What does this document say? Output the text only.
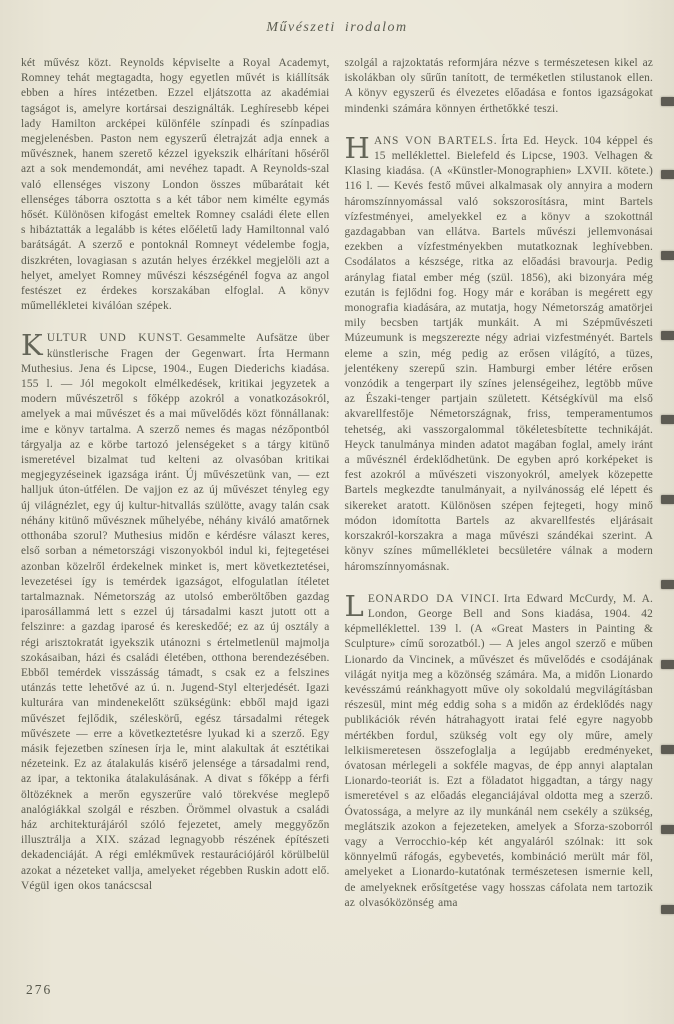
Művészeti irodalom

két művész közt. Reynolds képviselte a Royal Academyt, Romney tehát megtagadta, hogy egyetlen művét is kiállítsák ebben a híres intézetben. Ezzel eljátszotta az akadémiai tagságot is, amelyre kortársai deszignálták. Leghíresebb képei lady Hamilton arcképei különféle színpadi és színpadias megjelenésben. Paston nem egyszerű életrajzát adja ennek a művésznek, hanem szerető kézzel igyekszik elhárítani hőséről azt a sok mendemondát, ami nevéhez tapadt. A Reynolds-szal való ellenséges viszony London összes műbarátait két ellenséges táborra osztotta s a két tábor nem kimélte egymás hősét. Különösen kifogást emeltek Romney családi élete ellen s hibáztatták a legalább is kétes előéletű lady Hamiltonnal való barátságát. A szerző e pontoknál Romneyt védelembe fogja, diszkréten, lovagiasan s azután helyes érzékkel megjelöli azt a helyet, amelyet Romney művészi készségénél fogva az angol festészet ez érdekes korszakában elfoglal. A könyv műmellékletei kiválóan szépek.

KULTUR UND KUNST. Gesammelte Aufsätze über künstlerische Fragen der Gegenwart. Írta Hermann Muthesius. Jena és Lipcse, 1904., Eugen Diederichs kiadása. 155 l. — Jól megokolt elmélkedések, kritikai jegyzetek a modern művészetről s főképp azokról a vonatkozásokról, amelyek a mai művészet és a mai művelődés közt fönnállanak: ime e könyv tartalma. A szerző nemes és magas nézőpontból tárgyalja az e körbe tartozó jelenségeket s a tárgy kitünő ismeretével bizalmat tud kelteni az olvasóban kritikai megjegyzéseinek igazsága iránt. Új művészetünk van, — ezt halljuk úton-útfélen. De vajjon ez az új művészet tényleg egy új világnézlet, egy új kultur-hitvallás szülötte, avagy talán csak néhány kitünő művésznek műhelyébe, néhány kiváló amatőrnek otthonába szorul? Muthesius midőn e kérdésre választ keres, első sorban a németországi viszonyokból indul ki, fejtegetései azonban közelről érdekelnek minket is, mert következtetései, levezetései így is temérdek igazságot, elfogulatlan ítéletet tartalmaznak. Németország az utolsó emberöltőben gazdag iparosállammá lett s ezzel új társadalmi kaszt jutott ott a felszinre: a gazdag iparosé és kereskedőé; ez az új osztály a régi arisztokratát igyekszik utánozni s értelmetlenül majmolja szokásaiban, házi és családi életében, otthona berendezésében. Ebből temérdek visszásság támadt, s csak ez a felszines utánzás tette lehetővé az ú. n. Jugend-Styl elterjedését. Igazi kulturára van mindenekelőtt szükségünk: ebből majd igazi művészet fejlődik, széleskörű, egész társadalmi rétegek művészete — erre a következtetésre lyukad ki a szerző. Egy másik fejezetben színesen írja le, mint alakultak át esztétikai nézeteink. Ez az átalakulás kisérő jelensége a társadalmi rend, az ipar, a tektonika átalakulásának. A divat s főképp a férfi öltözéknek a merőn egyszerűre való törekvése meglepő analógiákkal szolgál e részben. Örömmel olvastuk a családi ház architekturájáról szóló fejezetet, amely meggyőzőn illusztrálja a XIX. század legnagyobb részének építészeti dekadenciáját. A régi emlékművek restaurációjáról körülbelül azokat a nézeteket vallja, amelyeket régebben Ruskin adott elő. Végül igen okos tanácscsal

szolgál a rajzoktatás reformjára nézve s természetesen kikel az iskolákban oly sűrűn tanított, de terméketlen stilustanok ellen. A könyv egyszerű és élvezetes előadása e fontos igazságokat mindenki számára könnyen érthetőkké teszi.

HANS VON BARTELS. Írta Ed. Heyck. 104 képpel és 15 melléklettel. Bielefeld és Lipcse, 1903. Velhagen & Klasing kiadása. (A «Künstler-Monographien» LXVII. kötete.) 116 l. — Kevés festő művei alkalmasak oly annyira a modern háromszínnyomással való sokszorosításra, mint Bartels vízfestményei, amelyekkel ez a könyv a szokottnál gazdagabban van ellátva. Bartels művészi jellemvonásai ezekben a vízfestményekben mutatkoznak leghívebben. Csodálatos a készsége, ritka az előadási bravourja. Pedig aránylag fiatal ember még (szül. 1856), aki bizonyára még ezután is fejlődni fog. Hogy már e korában is megérett egy monografia kiadására, az mutatja, hogy Németország amatörjei mily becsben tartják munkáit. A mi Szépművészeti Múzeumunk is megszerezte négy adriai vizfestményét. Bartels eleme a szin, még pedig az erősen világító, a tüzes, jelentékeny szerepű szin. Hamburgi ember létére erősen vonzódik a tengerpart ily színes jelenségeihez, legtöbb műve az Északi-tenger partjain született. Kétségkívül ma első akvarellfestője Németországnak, friss, temperamentumos tehetség, aki vasszorgalommal tökéletesbítette technikáját. Heyck tanulmánya minden adatot magában foglal, amely iránt a művésznél érdeklődhetünk. De egyben apró korképeket is fest azokról a művészeti viszonyokról, amelyek közepette Bartels megkezdte tanulmányait, a nyilvánosság elé lépett és sikereket aratott. Különösen szépen fejtegeti, hogy minő módon idomította Bartels az akvarellfestés eljárásait korszakról-korszakra a maga művészi szándékai szerint. A könyv színes műmellékletei becsületére válnak a modern háromszínnyomásnak.

LEONARDO DA VINCI. Irta Edward McCurdy, M. A. London, George Bell and Sons kiadása, 1904. 42 képmelléklettel. 139 l. (A «Great Masters in Painting & Sculpture» című sorozatból.) — A jeles angol szerző e műben Lionardo da Vincinek, a művészet és művelődés e csodájának világát nyitja meg a közönség számára. Ma, a midőn Lionardo kevésszámú reánkhagyott műve oly sokoldalú megvilágításban részesül, mint még eddig soha s a midőn az érdeklődés nagy publikációk révén hátrahagyott iratai felé egyre nagyobb mértékben fordul, szükség volt egy oly műre, amely lelkiismeretesen összefoglalja a legújabb eredményeket, óvatosan mérlegeli a sokféle magvas, de épp annyi alaptalan Lionardo-teoriát is. Ezt a föladatot higgadtan, a tárgy nagy ismeretével s az előadás eleganciájával oldotta meg a szerző. Óvatossága, a melyre az ily munkánál nem csekély a szükség, meglátszik azokon a fejezeteken, amelyek a Sforza-szoborról vagy a Verrocchio-kép két angyaláról szólnak: itt sok könnyelmű ráfogás, egybevetés, kombináció merült már föl, amelyeket a Lionardo-kutatónak természetesen ismernie kell, de amelyeknek erősítgetése vagy hosszas cáfolata nem tartozik az olvasóközönség ama

276
